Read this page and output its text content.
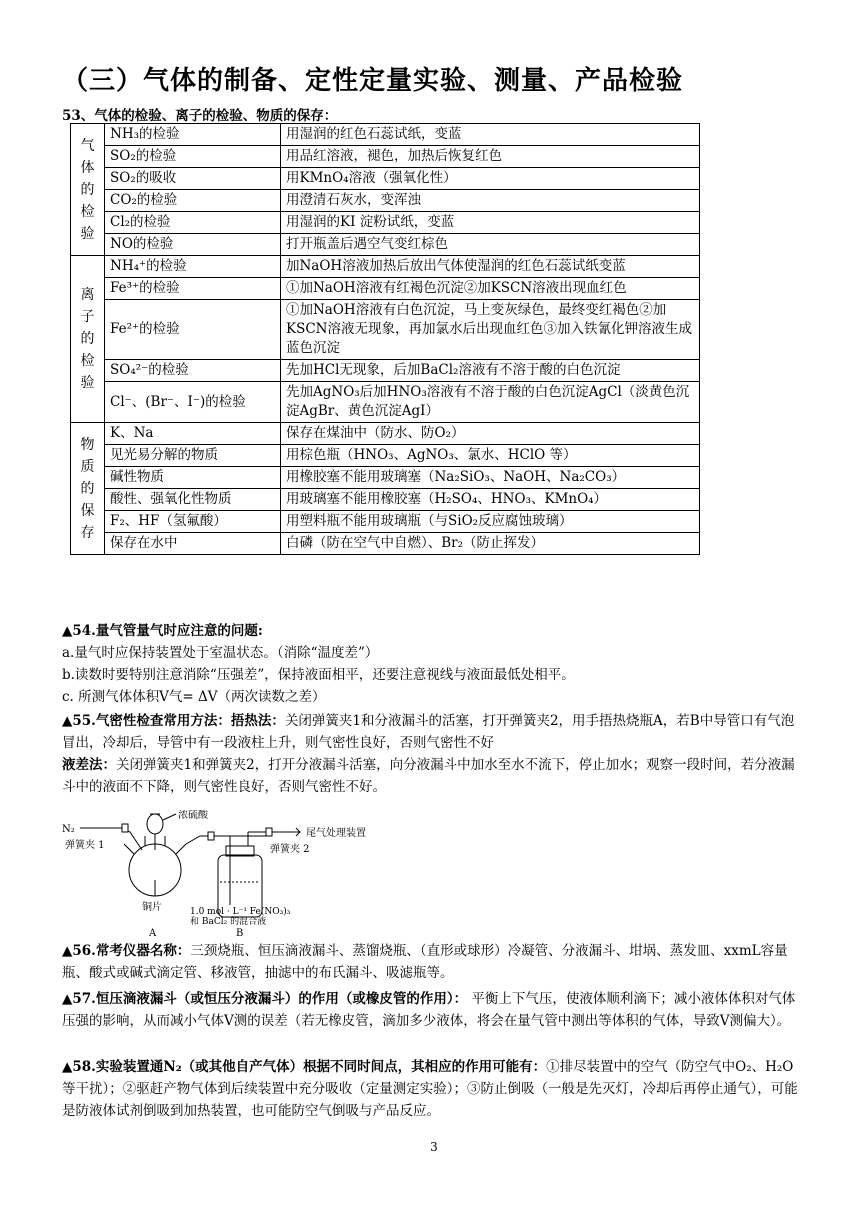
（三）气体的制备、定性定量实验、测量、产品检验
53、气体的检验、离子的检验、物质的保存：
气体的检验	NH₃的检验	用湿润的红色石蕊试纸，变蓝
	SO₂的检验	用品红溶液，褪色，加热后恢复红色
	SO₂的吸收	用KMnO₄溶液（强氧化性）
	CO₂的检验	用澄清石灰水，变浑浊
	Cl₂的检验	用湿润的KI 淀粉试纸，变蓝
	NO的检验	打开瓶盖后遇空气变红棕色
离子的检验	NH₄⁺的检验	加NaOH溶液加热后放出气体使湿润的红色石蕊试纸变蓝
	Fe³⁺的检验	①加NaOH溶液有红褐色沉淀②加KSCN溶液出现血红色
	Fe²⁺的检验	①加NaOH溶液有白色沉淀，马上变灰绿色，最终变红褐色②加KSCN溶液无现象，再加氯水后出现血红色③加入铁氰化钾溶液生成蓝色沉淀
	SO₄²⁻的检验	先加HCl无现象，后加BaCl₂溶液有不溶于酸的白色沉淀
	Cl⁻、(Br⁻、I⁻)的检验	先加AgNO₃后加HNO₃溶液有不溶于酸的白色沉淀AgCl（淡黄色沉淀AgBr、黄色沉淀AgI）
物质的保存	K、Na	保存在煤油中（防水、防O₂）
	见光易分解的物质	用棕色瓶（HNO₃、AgNO₃、氯水、HClO 等）
	碱性物质	用橡胶塞不能用玻璃塞（Na₂SiO₃、NaOH、Na₂CO₃）
	酸性、强氧化性物质	用玻璃塞不能用橡胶塞（H₂SO₄、HNO₃、KMnO₄）
	F₂、HF（氢氟酸）	用塑料瓶不能用玻璃瓶（与SiO₂反应腐蚀玻璃）
	保存在水中	白磷（防在空气中自燃）、Br₂（防止挥发）
▲54.量气管量气时应注意的问题:
a.量气时应保持装置处于室温状态。（消除“温度差”）
b.读数时要特别注意消除“压强差”，保持液面相平，还要注意视线与液面最低处相平。
c. 所测气体体积V气= ΔV（两次读数之差）
▲55.气密性检查常用方法：捂热法：关闭弹簧夹1和分液漏斗的活塞，打开弹簧夹2，用手捂热烧瓶A，若B中导管口有气泡冒出，冷却后，导管中有一段液柱上升，则气密性良好，否则气密性不好
液差法：关闭弹簧夹1和弹簧夹2，打开分液漏斗活塞，向分液漏斗中加水至水不流下，停止加水；观察一段时间，若分液漏斗中的液面不下降，则气密性良好，否则气密性不好。
N₂
浓硫酸
弹簧夹 1	弹簧夹 2
尾气处理装置
铜片	1.0 mol · L⁻¹ Fe(NO₃)₃
和 BaCl₂ 的混合液
A	B
▲56.常考仪器名称：三颈烧瓶、恒压滴液漏斗、蒸馏烧瓶、（直形或球形）冷凝管、分液漏斗、坩埚、蒸发皿、xxmL容量瓶、酸式或碱式滴定管、移液管，抽滤中的布氏漏斗、吸滤瓶等。
▲57.恒压滴液漏斗（或恒压分液漏斗）的作用（或橡皮管的作用）： 平衡上下气压，使液体顺利滴下；减小液体体积对气体压强的影响，从而减小气体V测的误差（若无橡皮管，滴加多少液体，将会在量气管中测出等体积的气体，导致V测偏大）。
▲58.实验装置通N₂（或其他自产气体）根据不同时间点，其相应的作用可能有：①排尽装置中的空气（防空气中O₂、H₂O等干扰）；②驱赶产物气体到后续装置中充分吸收（定量测定实验）；③防止倒吸（一般是先灭灯，冷却后再停止通气），可能是防液体试剂倒吸到加热装置，也可能防空气倒吸与产品反应。
3
